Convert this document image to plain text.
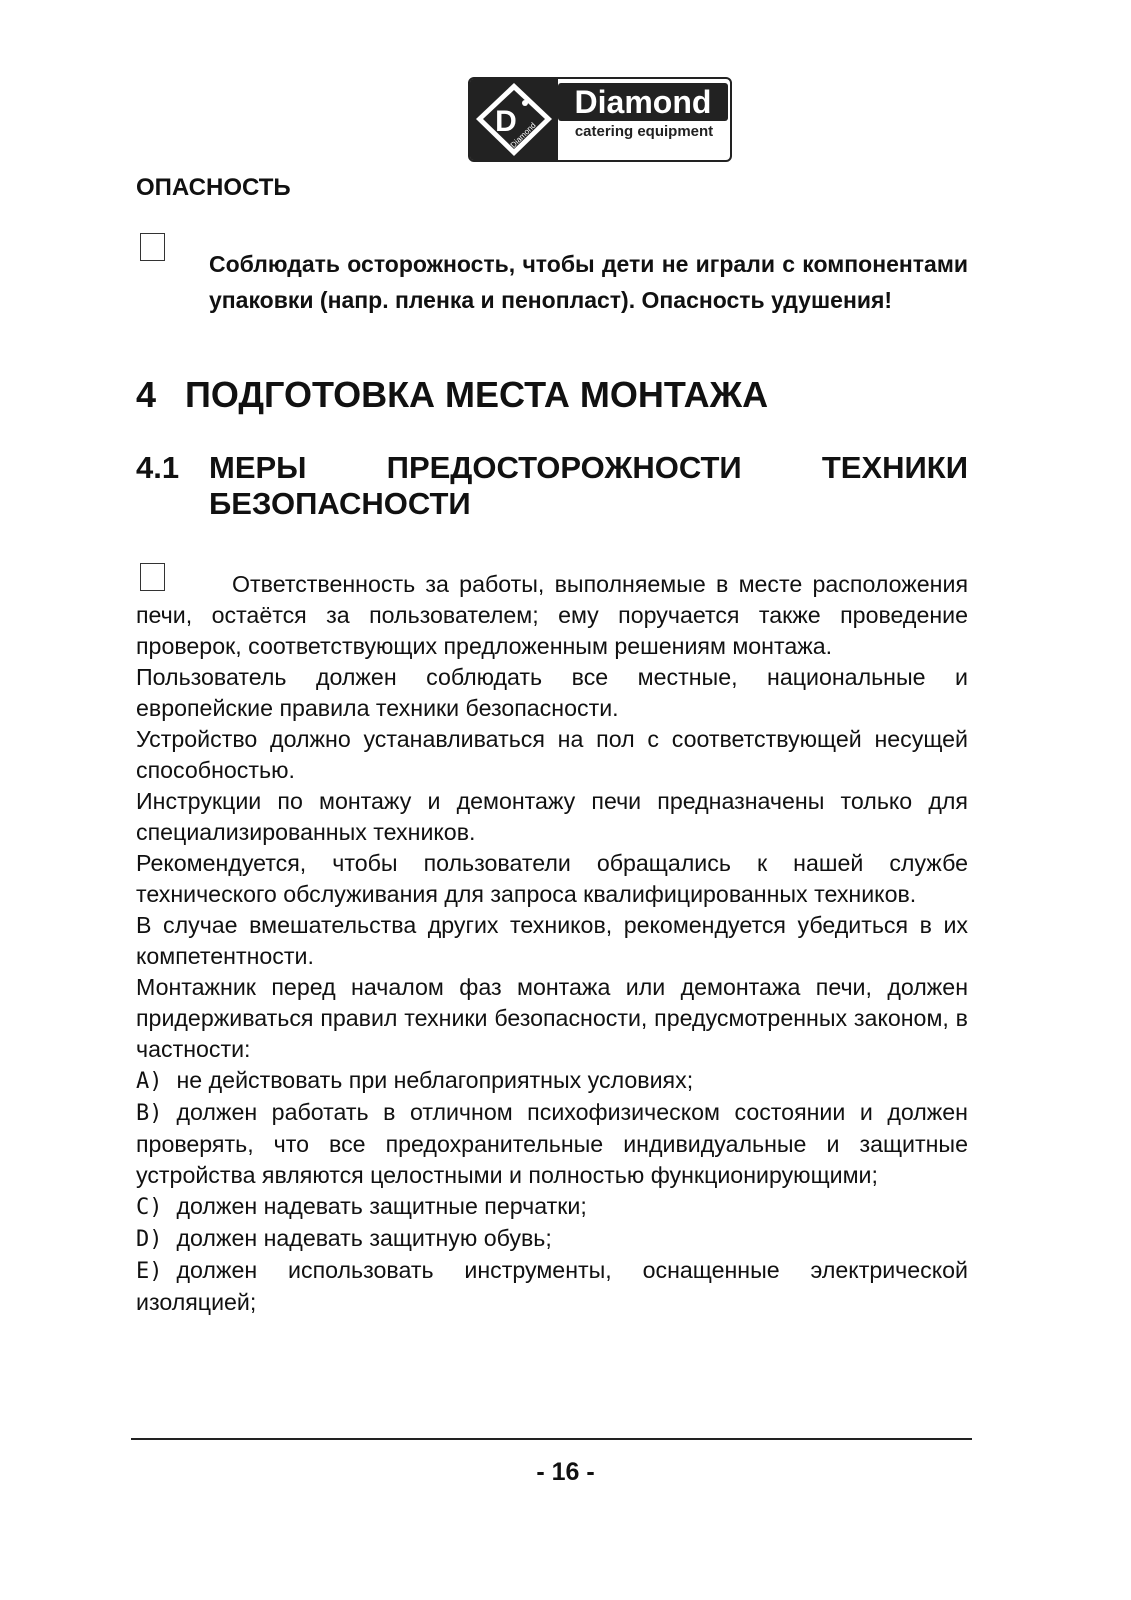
D
Diamond
Diamond
catering equipment
ОПАСНОСТЬ
Соблюдать осторожность, чтобы дети не играли с компонентами упаковки (напр. пленка и пенопласт). Опасность удушения!
4 ПОДГОТОВКА МЕСТА МОНТАЖА
4.1 МЕРЫ	ПРЕДОСТОРОЖНОСТИ	ТЕХНИКИ
БЕЗОПАСНОСТИ

Ответственность за работы, выполняемые в месте расположения печи, остаётся за пользователем; ему поручается также проведение проверок, соответствующих предложенным решениям монтажа.

Пользователь должен соблюдать все местные, национальные и европейские правила техники безопасности.

Устройство должно устанавливаться на пол с соответствующей несущей способностью.

Инструкции по монтажу и демонтажу печи предназначены только для специализированных техников.

Рекомендуется, чтобы пользователи обращались к нашей службе технического обслуживания для запроса квалифицированных техников.

В случае вмешательства других техников, рекомендуется убедиться в их компетентности.

Монтажник перед началом фаз монтажа или демонтажа печи, должен придерживаться правил техники безопасности, предусмотренных законом, в частности:

A) не действовать при неблагоприятных условиях;

B) должен работать в отличном психофизическом состоянии и должен проверять, что все предохранительные индивидуальные и защитные устройства являются целостными и полностью функционирующими;

C) должен надевать защитные перчатки;

D) должен надевать защитную обувь;

E) должен использовать инструменты, оснащенные электрической изоляцией;

- 16 -
